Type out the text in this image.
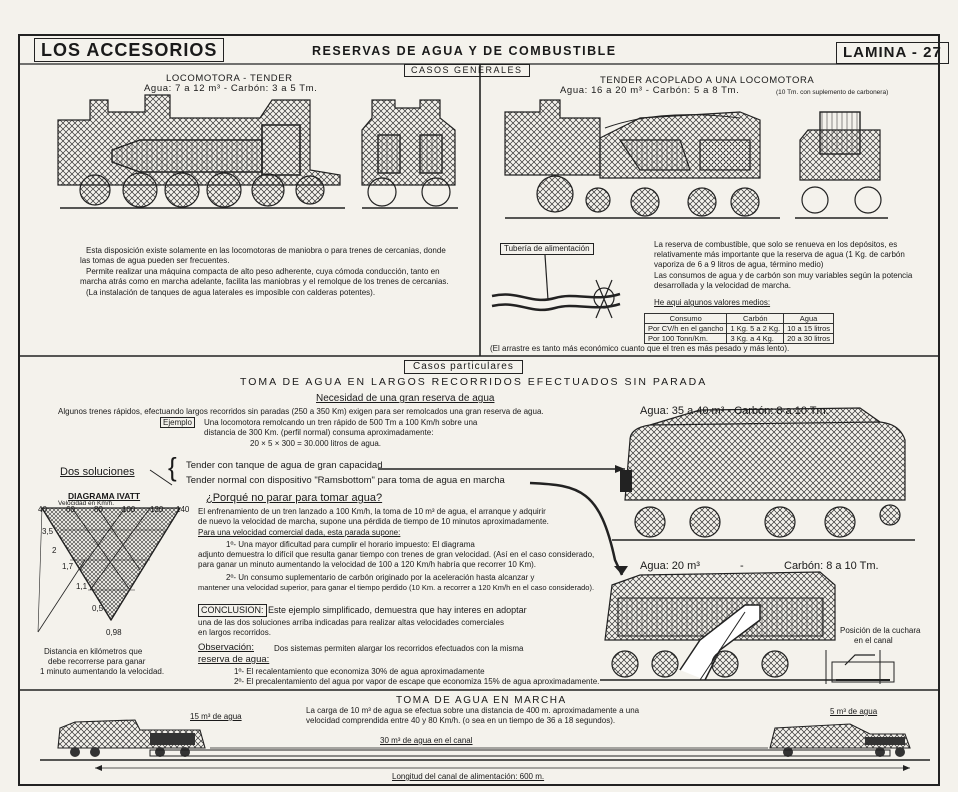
LOS ACCESORIOS	RESERVAS DE AGUA Y DE COMBUSTIBLE
CASOS GENERALES
LAMINA - 27
LOCOMOTORA - TENDER
Agua: 7 a 12 m³ - Carbón: 3 a 5 Tm.
Esta disposición existe solamente en las locomotoras de maniobra o para trenes de cercanias, donde
las tomas de agua pueden ser frecuentes.
Permite realizar una máquina compacta de alto peso adherente, cuya cómoda conducción, tanto en
marcha atrás como en marcha adelante, facilita las maniobras y el remolque de los trenes de cercanias.
(La instalación de tanques de agua laterales es imposible con calderas potentes).
TENDER ACOPLADO A UNA LOCOMOTORA
Agua: 16 a 20 m³ - Carbón: 5 a 8 Tm.	(10 Tm. con suplemento de carbonera)
Tubería de alimentación	La reserva de combustible, que solo se renueva en los depósitos, es
relativamente más importante que la reserva de agua (1 Kg. de carbón
vaporiza de 6 a 9 litros de agua, término medio)
Las consumos de agua y de carbón son muy variables según la potencia
desarrollada y la velocidad de marcha.
He aqui algunos valores medios:
Consumo	Carbón	Agua
Por CV/h en el gancho	1 Kg. 5 a 2 Kg.	10 a 15 litros
Por 100 Tonn/Km.	3 Kg. a 4 Kg.	20 a 30 litros
(El arrastre es tanto más económico cuanto que el tren es más pesado y más lento).
Casos particulares
TOMA DE AGUA EN LARGOS RECORRIDOS EFECTUADOS SIN PARADA
Necesidad de una gran reserva de agua
Algunos trenes rápidos, efectuando largos recorridos sin paradas (250 a 350 Km) exigen para ser remolcados una gran reserva de agua.
Ejemplo	Una locomotora remolcando un tren rápido de 500 Tm a 100 Km/h sobre una
distancia de 300 Km. (perfil normal) consuma aproximadamente:
20 × 5 × 300 = 30.000 litros de agua.
Dos soluciones { Tender con tanque de agua de gran capacidad
Tender normal con dispositivo "Ramsbottom" para toma de agua en marcha
Agua: 35 a 40 m³ - Carbón: 8 a 10 Tm.
Agua: 20 m³	-	Carbón: 8 a 10 Tm.
Posición de la cuchara
en el canal
DIAGRAMA IVATT
Velocidad en Km/h.
40 60 80 100 120 140
3,5
2
1,7
1,1
0,5
0,98
Distancia en kilómetros que
debe recorrerse para ganar
1 minuto aumentando la velocidad.
¿Porqué no parar para tomar agua?
El enfrenamiento de un tren lanzado a 100 Km/h, la toma de 10 m³ de agua, el arranque y adquirir
de nuevo la velocidad de marcha, supone una pérdida de tiempo de 10 minutos aproximadamente.
Para una velocidad comercial dada, esta parada supone:
1º- Una mayor dificultad para cumplir el horario impuesto: El diagrama
adjunto demuestra lo difícil que resulta ganar tiempo con trenes de gran velocidad. (Así en el caso considerado,
para ganar un minuto aumentando la velocidad de 100 a 120 Km/h habría que recorrer 10 Km).
2º- Un consumo suplementario de carbón originado por la aceleración hasta alcanzar y
mantener una velocidad superior, para ganar el tiempo perdido (10 Km. a recorrer a 120 Km/h en el caso considerado).
CONCLUSION: Este ejemplo simplificado, demuestra que hay interes en adoptar
una de las dos soluciones arriba indicadas para realizar altas velocidades comerciales
en largos recorridos.
Observación:	Dos sistemas permiten alargar los recorridos efectuados con la misma
reserva de agua:
1º- El recalentamiento que economiza 30% de agua aproximadamente
2º- El precalentamiento del agua por vapor de escape que economiza 15% de agua aproximadamente.
TOMA DE AGUA EN MARCHA
La carga de 10 m³ de agua se efectua sobre una distancia de 400 m. aproximadamente a una
velocidad comprendida entre 40 y 80 Km/h. (o sea en un tiempo de 36 a 18 segundos).
15 m³ de agua
5 m³ de agua
30 m³ de agua en el canal
Longitud del canal de alimentación: 600 m.
